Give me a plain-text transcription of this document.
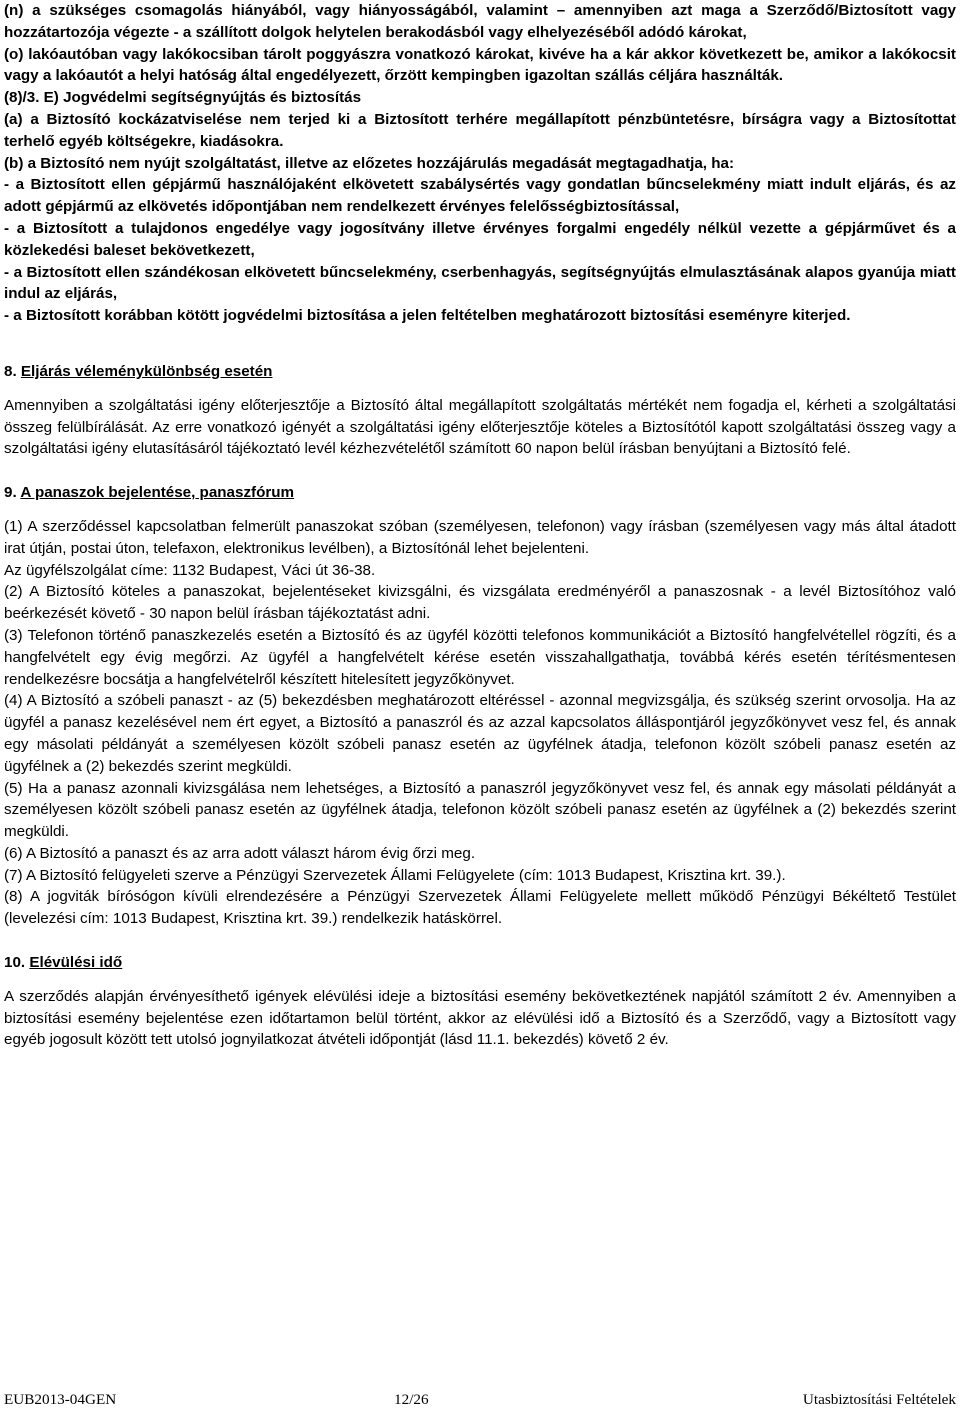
(n) a szükséges csomagolás hiányából, vagy hiányosságából, valamint – amennyiben azt maga a Szerződő/Biztosított vagy hozzátartozója végezte - a szállított dolgok helytelen berakodásból vagy elhelyezéséből adódó károkat,

(o) lakóautóban vagy lakókocsiban tárolt poggyászra vonatkozó károkat, kivéve ha a kár akkor következett be, amikor a lakókocsit vagy a lakóautót a helyi hatóság által engedélyezett, őrzött kempingben igazoltan szállás céljára használták.

(8)/3. E) Jogvédelmi segítségnyújtás és biztosítás

(a) a Biztosító kockázatviselése nem terjed ki a Biztosított terhére megállapított pénzbüntetésre, bírságra vagy a Biztosítottat terhelő egyéb költségekre, kiadásokra.

(b) a Biztosító nem nyújt szolgáltatást, illetve az előzetes hozzájárulás megadását megtagadhatja, ha:

- a Biztosított ellen gépjármű használójaként elkövetett szabálysértés vagy gondatlan bűncselekmény miatt indult eljárás, és az adott gépjármű az elkövetés időpontjában nem rendelkezett érvényes felelősségbiztosítással,

- a Biztosított a tulajdonos engedélye vagy jogosítvány illetve érvényes forgalmi engedély nélkül vezette a gépjárművet és a közlekedési baleset bekövetkezett,

- a Biztosított ellen szándékosan elkövetett bűncselekmény, cserbenhagyás, segítségnyújtás elmulasztásának alapos gyanúja miatt indul az eljárás,

- a Biztosított korábban kötött jogvédelmi biztosítása a jelen feltételben meghatározott biztosítási eseményre kiterjed.

8. Eljárás véleménykülönbség esetén

Amennyiben a szolgáltatási igény előterjesztője a Biztosító által megállapított szolgáltatás mértékét nem fogadja el, kérheti a szolgáltatási összeg felülbírálását. Az erre vonatkozó igényét a szolgáltatási igény előterjesztője köteles a Biztosítótól kapott szolgáltatási összeg vagy a szolgáltatási igény elutasításáról tájékoztató levél kézhezvételétől számított 60 napon belül írásban benyújtani a Biztosító felé.

9. A panaszok bejelentése, panaszfórum

(1) A szerződéssel kapcsolatban felmerült panaszokat szóban (személyesen, telefonon) vagy írásban (személyesen vagy más által átadott irat útján, postai úton, telefaxon, elektronikus levélben), a Biztosítónál lehet bejelenteni.

Az ügyfélszolgálat címe: 1132 Budapest, Váci út 36-38.

(2) A Biztosító köteles a panaszokat, bejelentéseket kivizsgálni, és vizsgálata eredményéről a panaszosnak - a levél Biztosítóhoz való beérkezését követő - 30 napon belül írásban tájékoztatást adni.

(3) Telefonon történő panaszkezelés esetén a Biztosító és az ügyfél közötti telefonos kommunikációt a Biztosító hangfelvétellel rögzíti, és a hangfelvételt egy évig megőrzi. Az ügyfél a hangfelvételt kérése esetén visszahallgathatja, továbbá kérés esetén térítésmentesen rendelkezésre bocsátja a hangfelvételről készített hitelesített jegyzőkönyvet.

(4) A Biztosító a szóbeli panaszt - az (5) bekezdésben meghatározott eltéréssel - azonnal megvizsgálja, és szükség szerint orvosolja. Ha az ügyfél a panasz kezelésével nem ért egyet, a Biztosító a panaszról és az azzal kapcsolatos álláspontjáról jegyzőkönyvet vesz fel, és annak egy másolati példányát a személyesen közölt szóbeli panasz esetén az ügyfélnek átadja, telefonon közölt szóbeli panasz esetén az ügyfélnek a (2) bekezdés szerint megküldi.

(5) Ha a panasz azonnali kivizsgálása nem lehetséges, a Biztosító a panaszról jegyzőkönyvet vesz fel, és annak egy másolati példányát a személyesen közölt szóbeli panasz esetén az ügyfélnek átadja, telefonon közölt szóbeli panasz esetén az ügyfélnek a (2) bekezdés szerint megküldi.

(6) A Biztosító a panaszt és az arra adott választ három évig őrzi meg.

(7) A Biztosító felügyeleti szerve a Pénzügyi Szervezetek Állami Felügyelete (cím: 1013 Budapest, Krisztina krt. 39.).

(8) A jogviták bírósógon kívüli elrendezésére a Pénzügyi Szervezetek Állami Felügyelete mellett működő Pénzügyi Békéltető Testület (levelezési cím: 1013 Budapest, Krisztina krt. 39.) rendelkezik hatáskörrel.

10. Elévülési idő

A szerződés alapján érvényesíthető igények elévülési ideje a biztosítási esemény bekövetkeztének napjától számított 2 év. Amennyiben a biztosítási esemény bejelentése ezen időtartamon belül történt, akkor az elévülési idő a Biztosító és a Szerződő, vagy a Biztosított vagy egyéb jogosult között tett utolsó jognyilatkozat átvételi időpontját (lásd 11.1. bekezdés) követő 2 év.

EUB2013-04GEN	12/26	Utasbiztosítási Feltételek
